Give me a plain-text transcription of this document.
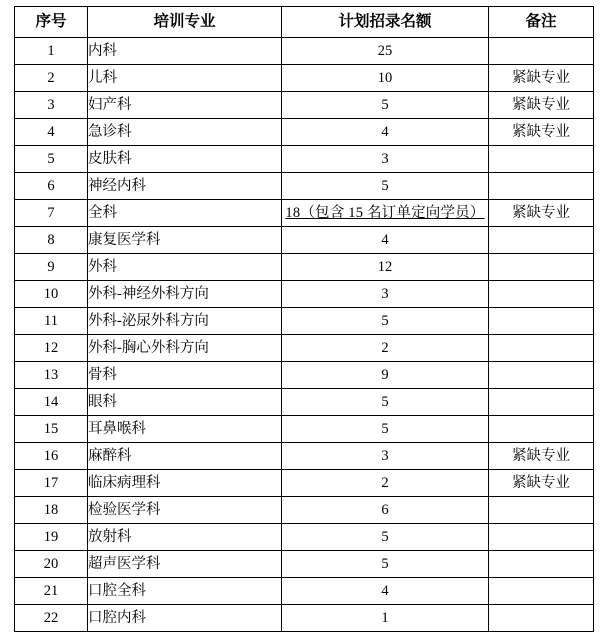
序号	培训专业	计划招录名额	备注
1	内科	25	
2	儿科	10	紧缺专业
3	妇产科	5	紧缺专业
4	急诊科	4	紧缺专业
5	皮肤科	3	
6	神经内科	5	
7	全科	18（包含 15 名订单定向学员）	紧缺专业
8	康复医学科	4	
9	外科	12	
10	外科-神经外科方向	3	
11	外科-泌尿外科方向	5	
12	外科-胸心外科方向	2	
13	骨科	9	
14	眼科	5	
15	耳鼻喉科	5	
16	麻醉科	3	紧缺专业
17	临床病理科	2	紧缺专业
18	检验医学科	6	
19	放射科	5	
20	超声医学科	5	
21	口腔全科	4	
22	口腔内科	1	
